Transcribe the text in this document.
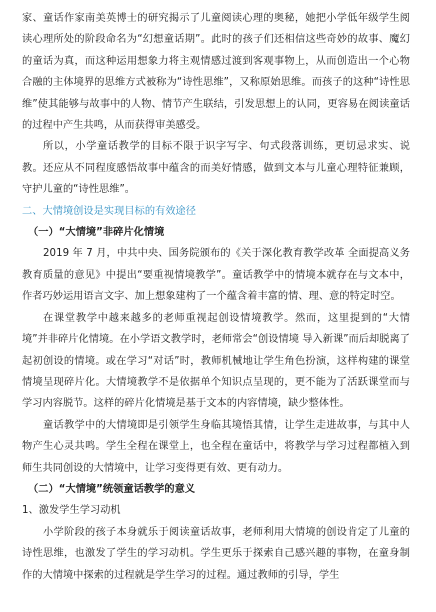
家、童话作家南美英博士的研究揭示了儿童阅读心理的奥秘，她把小学低年级学生阅读心理所处的阶段命名为“幻想童话期”。此时的孩子们还相信这些奇妙的故事、魔幻的童话为真，而这种运用想象力将主观情感过渡到客观事物上，从而创造出一个心物合融的主体境界的思维方式被称为“诗性思维”，又称原始思维。而孩子的这种“诗性思维”使其能够与故事中的人物、情节产生联结，引发思想上的认同，更容易在阅读童话的过程中产生共鸣，从而获得审美感受。

所以，小学童话教学的目标不限于识字写字、句式段落训练，更切忌求实、说教。还应从不同程度感悟故事中蕴含的而美好情感，做到文本与儿童心理特征兼顾，守护儿童的“诗性思维”。

二、大情境创设是实现目标的有效途径

（一）“大情境”非碎片化情境

2019 年 7 月，中共中央、国务院颁布的《关于深化教育教学改革 全面提高义务教育质量的意见》中提出“要重视情境教学”。童话教学中的情境本就存在与文本中，作者巧妙运用语言文字、加上想象建构了一个蕴含着丰富的情、理、意的特定时空。

在课堂教学中越来越多的老师重视起创设情境教学。然而，这里提到的“大情境”并非碎片化情境。在小学语文教学时，老师常会“创设情境 导入新课”而后却脱离了起初创设的情境。或在学习“对话”时，教师机械地让学生角色扮演，这样构建的课堂情境呈现碎片化。大情境教学不是依据单个知识点呈现的，更不能为了活跃课堂而与学习内容脱节。这样的碎片化情境是基于文本的内容情境，缺少整体性。

童话教学中的大情境即是引领学生身临其境悟其情，让学生走进故事，与其中人物产生心灵共鸣。学生全程在课堂上，也全程在童话中，将教学与学习过程都植入到师生共同创设的大情境中，让学习变得更有效、更有动力。

（二）“大情境”统领童话教学的意义

1、激发学生学习动机

小学阶段的孩子本身就乐于阅读童话故事，老师利用大情境的创设肯定了儿童的诗性思维，也激发了学生的学习动机。学生更乐于探索自己感兴趣的事物，在童身制作的大情境中探索的过程就是学生学习的过程。通过教师的引导，学生
